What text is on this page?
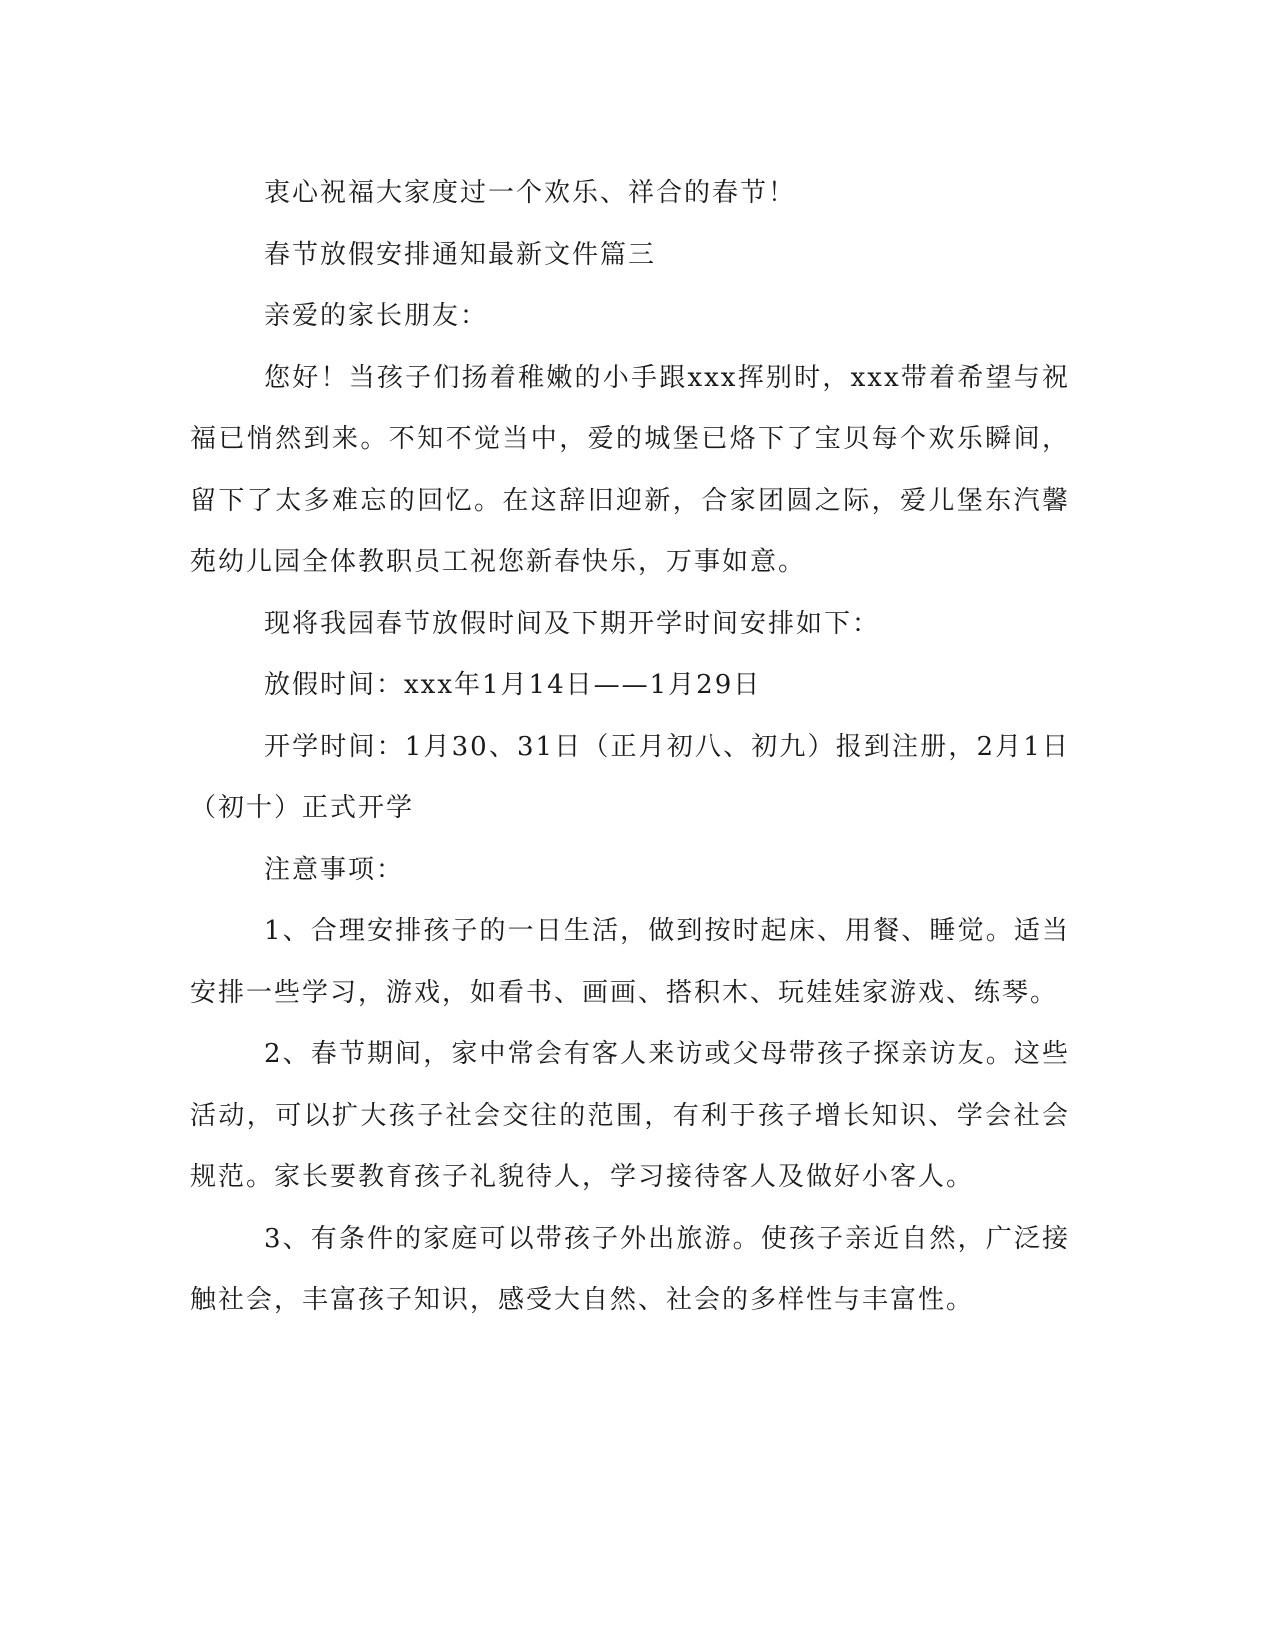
衷心祝福大家度过一个欢乐、祥合的春节！

春节放假安排通知最新文件篇三

亲爱的家长朋友：

您好！当孩子们扬着稚嫩的小手跟xxx挥别时，xxx带着希望与祝福已悄然到来。不知不觉当中，爱的城堡已烙下了宝贝每个欢乐瞬间，留下了太多难忘的回忆。在这辞旧迎新，合家团圆之际，爱儿堡东汽馨苑幼儿园全体教职员工祝您新春快乐，万事如意。

现将我园春节放假时间及下期开学时间安排如下：

放假时间：xxx年1月14日——1月29日

开学时间：1月30、31日（正月初八、初九）报到注册，2月1日（初十）正式开学

注意事项：

1、合理安排孩子的一日生活，做到按时起床、用餐、睡觉。适当安排一些学习，游戏，如看书、画画、搭积木、玩娃娃家游戏、练琴。

2、春节期间，家中常会有客人来访或父母带孩子探亲访友。这些活动，可以扩大孩子社会交往的范围，有利于孩子增长知识、学会社会规范。家长要教育孩子礼貌待人，学习接待客人及做好小客人。

3、有条件的家庭可以带孩子外出旅游。使孩子亲近自然，广泛接触社会，丰富孩子知识，感受大自然、社会的多样性与丰富性。
